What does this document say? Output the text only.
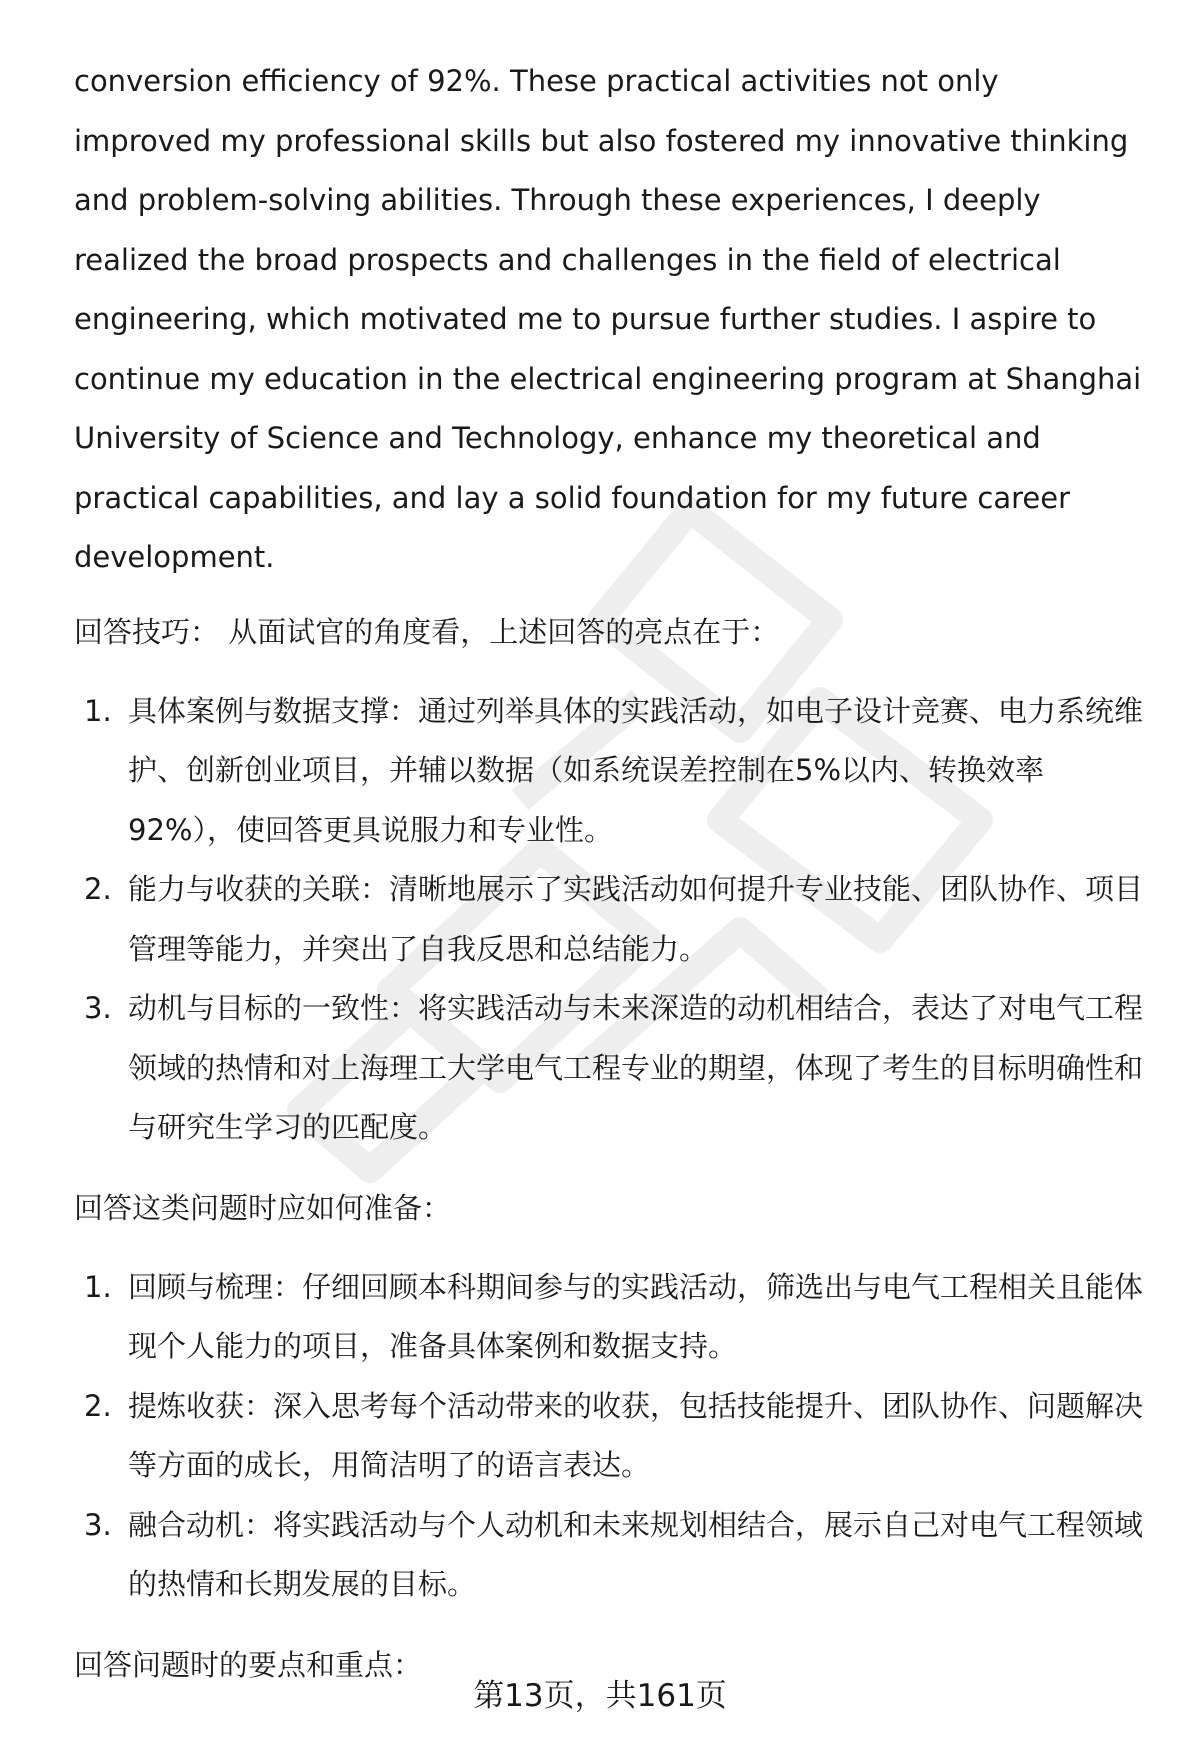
conversion efficiency of 92%. These practical activities not only improved my professional skills but also fostered my innovative thinking and problem-solving abilities. Through these experiences, I deeply realized the broad prospects and challenges in the field of electrical engineering, which motivated me to pursue further studies. I aspire to continue my education in the electrical engineering program at Shanghai University of Science and Technology, enhance my theoretical and practical capabilities, and lay a solid foundation for my future career development.

回答技巧： 从面试官的角度看，上述回答的亮点在于：

1. 具体案例与数据支撑：通过列举具体的实践活动，如电子设计竞赛、电力系统维护、创新创业项目，并辅以数据（如系统误差控制在5%以内、转换效率92%），使回答更具说服力和专业性。
2. 能力与收获的关联：清晰地展示了实践活动如何提升专业技能、团队协作、项目管理等能力，并突出了自我反思和总结能力。
3. 动机与目标的一致性：将实践活动与未来深造的动机相结合，表达了对电气工程领域的热情和对上海理工大学电气工程专业的期望，体现了考生的目标明确性和与研究生学习的匹配度。

回答这类问题时应如何准备：

1. 回顾与梳理：仔细回顾本科期间参与的实践活动，筛选出与电气工程相关且能体现个人能力的项目，准备具体案例和数据支持。
2. 提炼收获：深入思考每个活动带来的收获，包括技能提升、团队协作、问题解决等方面的成长，用简洁明了的语言表达。
3. 融合动机：将实践活动与个人动机和未来规划相结合，展示自己对电气工程领域的热情和长期发展的目标。

回答问题时的要点和重点：

第13页，共161页
